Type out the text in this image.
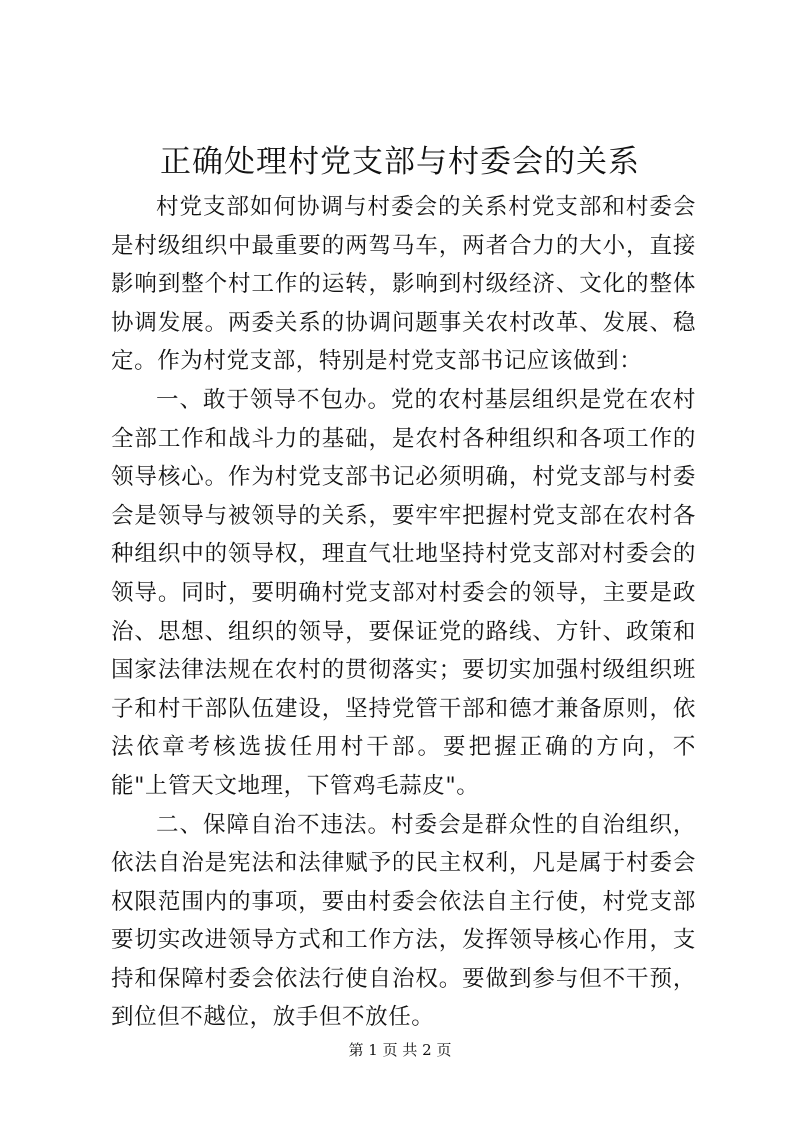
正确处理村党支部与村委会的关系

村党支部如何协调与村委会的关系村党支部和村委会是村级组织中最重要的两驾马车，两者合力的大小，直接影响到整个村工作的运转，影响到村级经济、文化的整体协调发展。两委关系的协调问题事关农村改革、发展、稳定。作为村党支部，特别是村党支部书记应该做到：

一、敢于领导不包办。党的农村基层组织是党在农村全部工作和战斗力的基础，是农村各种组织和各项工作的领导核心。作为村党支部书记必须明确，村党支部与村委会是领导与被领导的关系，要牢牢把握村党支部在农村各种组织中的领导权，理直气壮地坚持村党支部对村委会的领导。同时，要明确村党支部对村委会的领导，主要是政治、思想、组织的领导，要保证党的路线、方针、政策和国家法律法规在农村的贯彻落实；要切实加强村级组织班子和村干部队伍建设，坚持党管干部和德才兼备原则，依法依章考核选拔任用村干部。要把握正确的方向，不能"上管天文地理，下管鸡毛蒜皮"。

二、保障自治不违法。村委会是群众性的自治组织，依法自治是宪法和法律赋予的民主权利，凡是属于村委会权限范围内的事项，要由村委会依法自主行使，村党支部要切实改进领导方式和工作方法，发挥领导核心作用，支持和保障村委会依法行使自治权。要做到参与但不干预，到位但不越位，放手但不放任。

第 1 页 共 2 页
